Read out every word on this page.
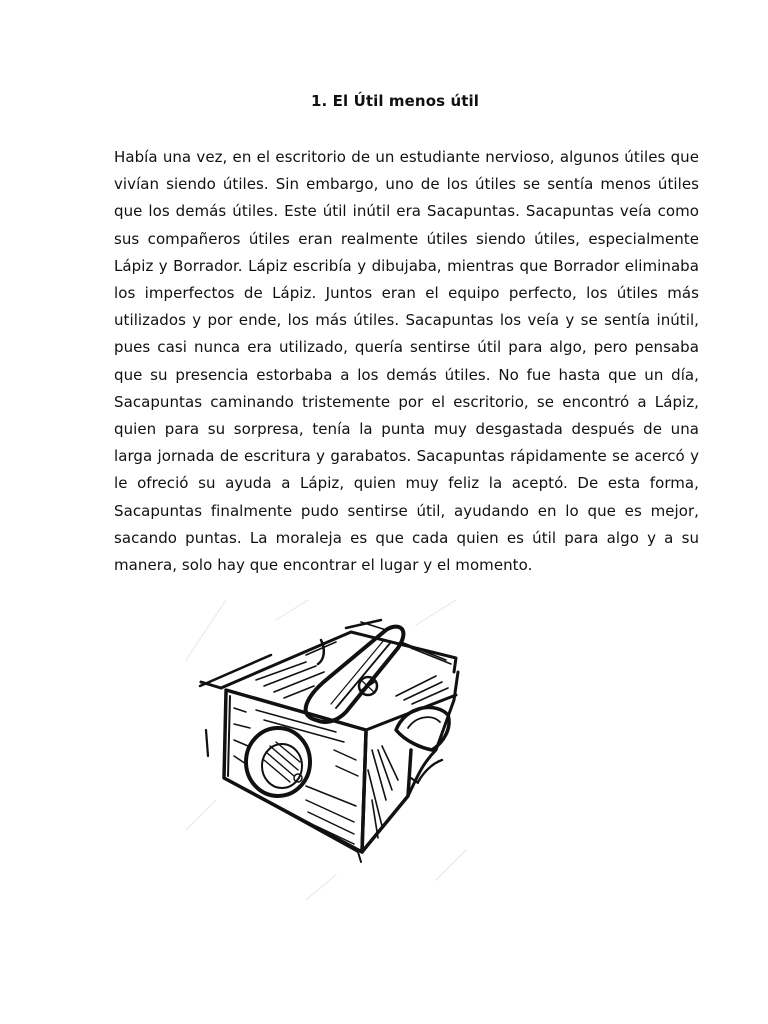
1. El Útil menos útil

Había una vez, en el escritorio de un estudiante nervioso, algunos útiles que vivían siendo útiles. Sin embargo, uno de los útiles se sentía menos útiles que los demás útiles. Este útil inútil era Sacapuntas. Sacapuntas veía como sus compañeros útiles eran realmente útiles siendo útiles, especialmente Lápiz y Borrador. Lápiz escribía y dibujaba, mientras que Borrador eliminaba los imperfectos de Lápiz. Juntos eran el equipo perfecto, los útiles más utilizados y por ende, los más útiles. Sacapuntas los veía y se sentía inútil, pues casi nunca era utilizado, quería sentirse útil para algo, pero pensaba que su presencia estorbaba a los demás útiles. No fue hasta que un día, Sacapuntas caminando tristemente por el escritorio, se encontró a Lápiz, quien para su sorpresa, tenía la punta muy desgastada después de una larga jornada de escritura y garabatos. Sacapuntas rápidamente se acercó y le ofreció su ayuda a Lápiz, quien muy feliz la aceptó. De esta forma, Sacapuntas finalmente pudo sentirse útil, ayudando en lo que es mejor, sacando puntas. La moraleja es que cada quien es útil para algo y a su manera, solo hay que encontrar el lugar y el momento.
